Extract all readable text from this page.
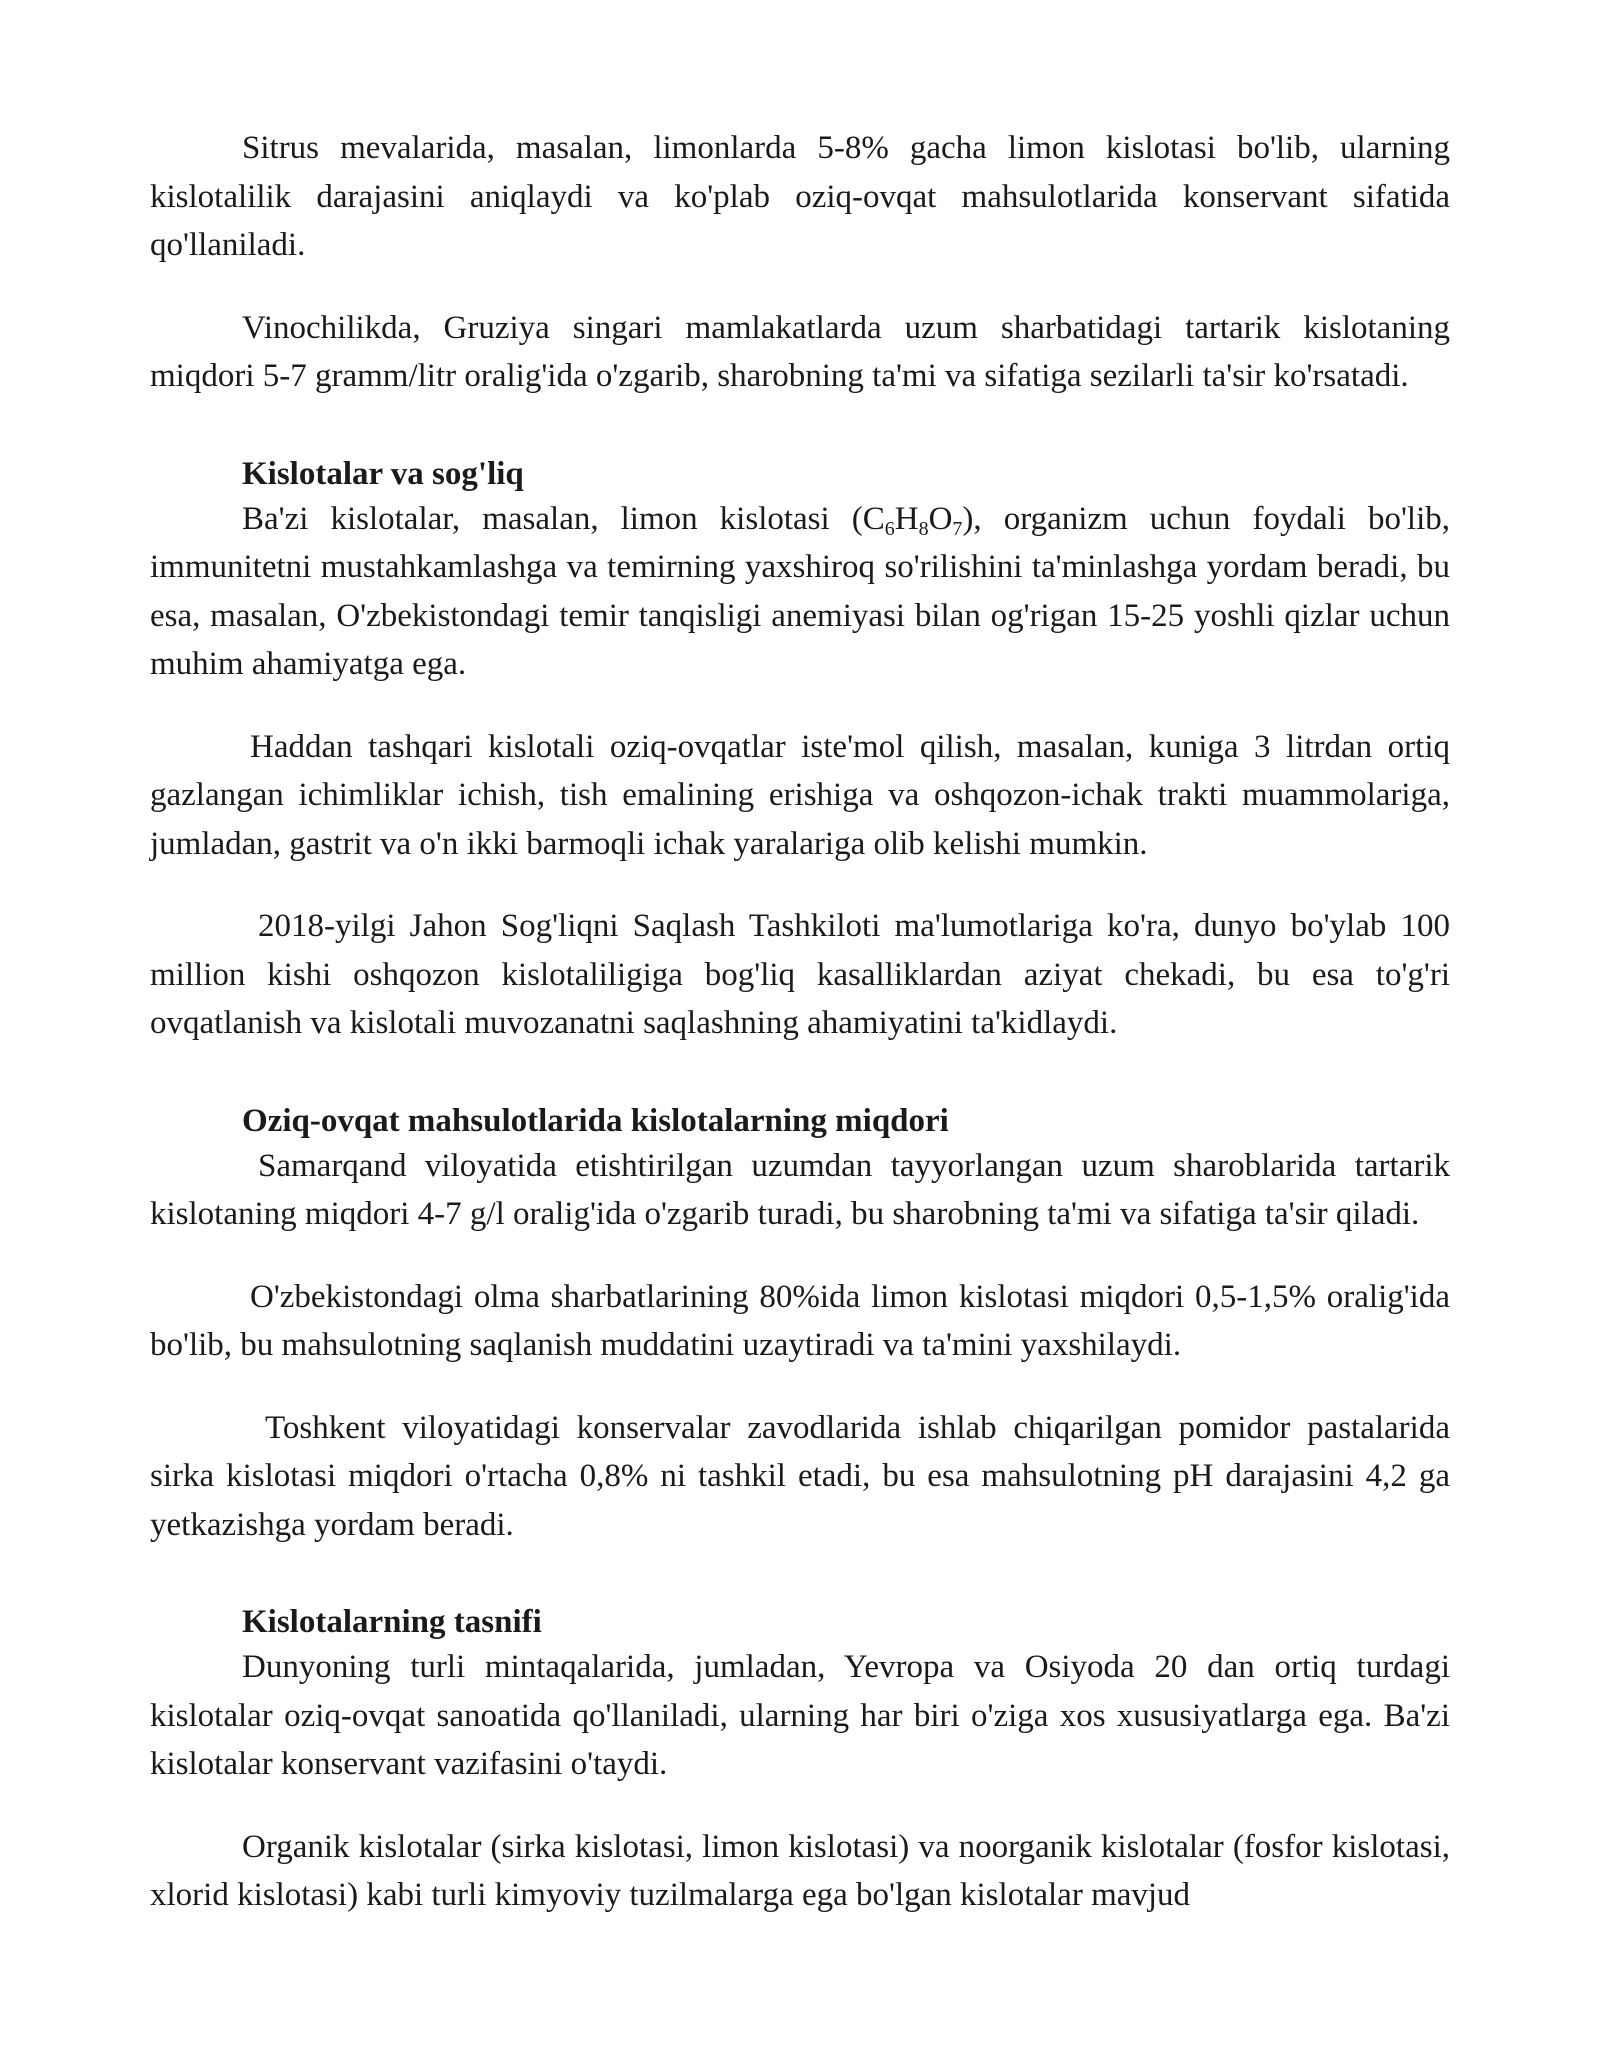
Sitrus mevalarida, masalan, limonlarda 5-8% gacha limon kislotasi bo'lib, ularning kislotalilik darajasini aniqlaydi va ko'plab oziq-ovqat mahsulotlarida konservant sifatida qo'llaniladi.

Vinochilikda, Gruziya singari mamlakatlarda uzum sharbatidagi tartarik kislotaning miqdori 5-7 gramm/litr oralig'ida o'zgarib, sharobning ta'mi va sifatiga sezilarli ta'sir ko'rsatadi.

Kislotalar va sog'liq

Ba'zi kislotalar, masalan, limon kislotasi $(C_6H_8O_7)$, organizm uchun foydali bo'lib, immunitetni mustahkamlashga va temirning yaxshiroq so'rilishini ta'minlashga yordam beradi, bu esa, masalan, O'zbekistondagi temir tanqisligi anemiyasi bilan og'rigan 15-25 yoshli qizlar uchun muhim ahamiyatga ega.

Haddan tashqari kislotali oziq-ovqatlar iste'mol qilish, masalan, kuniga 3 litrdan ortiq gazlangan ichimliklar ichish, tish emalining erishiga va oshqozon-ichak trakti muammolariga, jumladan, gastrit va o'n ikki barmoqli ichak yaralariga olib kelishi mumkin.

2018-yilgi Jahon Sog'liqni Saqlash Tashkiloti ma'lumotlariga ko'ra, dunyo bo'ylab 100 million kishi oshqozon kislotaliligiga bog'liq kasalliklardan aziyat chekadi, bu esa to'g'ri ovqatlanish va kislotali muvozanatni saqlashning ahamiyatini ta'kidlaydi.

Oziq-ovqat mahsulotlarida kislotalarning miqdori

Samarqand viloyatida etishtirilgan uzumdan tayyorlangan uzum sharoblarida tartarik kislotaning miqdori 4-7 g/l oralig'ida o'zgarib turadi, bu sharobning ta'mi va sifatiga ta'sir qiladi.

O'zbekistondagi olma sharbatlarining 80%ida limon kislotasi miqdori 0,5-1,5% oralig'ida bo'lib, bu mahsulotning saqlanish muddatini uzaytiradi va ta'mini yaxshilaydi.

Toshkent viloyatidagi konservalar zavodlarida ishlab chiqarilgan pomidor pastalarida sirka kislotasi miqdori o'rtacha 0,8% ni tashkil etadi, bu esa mahsulotning pH darajasini 4,2 ga yetkazishga yordam beradi.

Kislotalarning tasnifi

Dunyoning turli mintaqalarida, jumladan, Yevropa va Osiyoda 20 dan ortiq turdagi kislotalar oziq-ovqat sanoatida qo'llaniladi, ularning har biri o'ziga xos xususiyatlarga ega. Ba'zi kislotalar konservant vazifasini o'taydi.

Organik kislotalar (sirka kislotasi, limon kislotasi) va noorganik kislotalar (fosfor kislotasi, xlorid kislotasi) kabi turli kimyoviy tuzilmalarga ega bo'lgan kislotalar mavjud
